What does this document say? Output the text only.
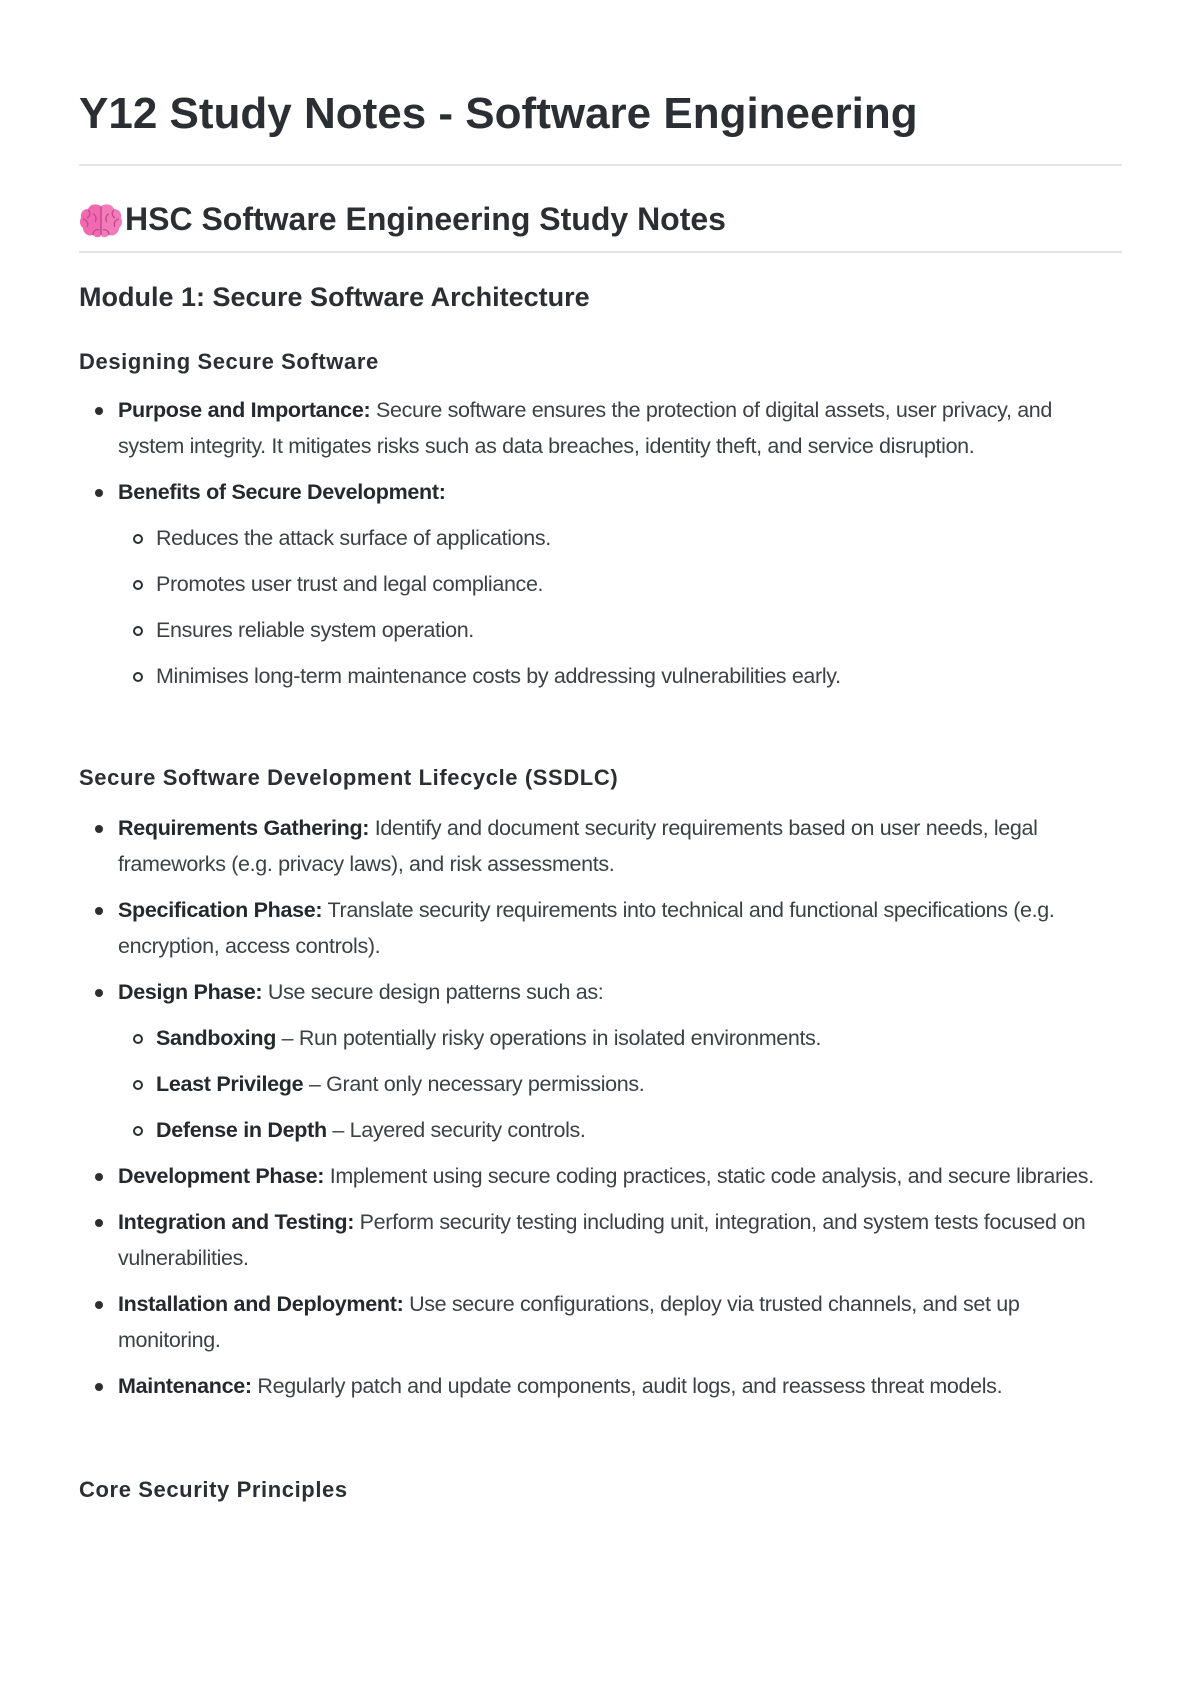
Y12 Study Notes - Software Engineering
HSC Software Engineering Study Notes
Module 1: Secure Software Architecture
Designing Secure Software
Purpose and Importance: Secure software ensures the protection of digital assets, user privacy, and system integrity. It mitigates risks such as data breaches, identity theft, and service disruption.
Benefits of Secure Development:
Reduces the attack surface of applications.
Promotes user trust and legal compliance.
Ensures reliable system operation.
Minimises long-term maintenance costs by addressing vulnerabilities early.
Secure Software Development Lifecycle (SSDLC)
Requirements Gathering: Identify and document security requirements based on user needs, legal frameworks (e.g. privacy laws), and risk assessments.
Specification Phase: Translate security requirements into technical and functional specifications (e.g. encryption, access controls).
Design Phase: Use secure design patterns such as:
Sandboxing – Run potentially risky operations in isolated environments.
Least Privilege – Grant only necessary permissions.
Defense in Depth – Layered security controls.
Development Phase: Implement using secure coding practices, static code analysis, and secure libraries.
Integration and Testing: Perform security testing including unit, integration, and system tests focused on vulnerabilities.
Installation and Deployment: Use secure configurations, deploy via trusted channels, and set up monitoring.
Maintenance: Regularly patch and update components, audit logs, and reassess threat models.
Core Security Principles
